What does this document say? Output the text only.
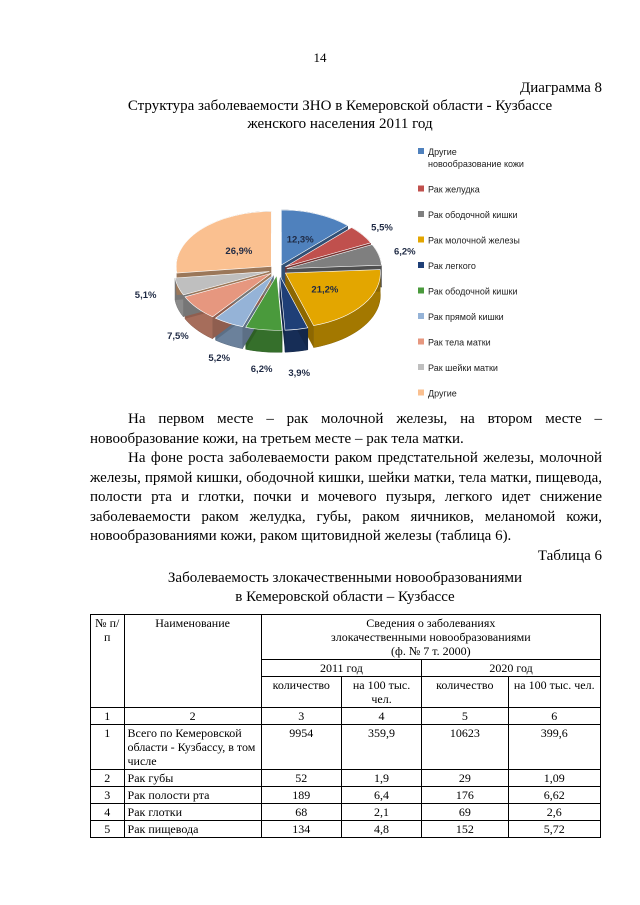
14
Диаграмма 8
Структура заболеваемости ЗНО в Кемеровской области - Кузбассе
женского населения 2011 год
12,3%
5,5%
6,2%
21,2%
3,9%
6,2%
5,2%
7,5%
5,1%
26,9%
Другие
новообразование кожи
Рак желудка
Рак ободочной кишки
Рак молочной железы
Рак легкого
Рак ободочной кишки
Рак прямой кишки
Рак тела матки
Рак шейки матки
Другие
На первом месте – рак молочной железы, на втором месте – новообразование кожи, на третьем месте – рак тела матки.
На фоне роста заболеваемости раком предстательной железы, молочной железы, прямой кишки, ободочной кишки, шейки матки, тела матки, пищевода, полости рта и глотки, почки и мочевого пузыря, легкого идет снижение заболеваемости раком желудка, губы, раком яичников, меланомой кожи, новообразованиями кожи, раком щитовидной железы (таблица 6).
Таблица 6
Заболеваемость злокачественными новообразованиями
в Кемеровской области – Кузбассе
№ п/п	Наименование	Сведения о заболеваниях
злокачественными новообразованиями
(ф. № 7 т. 2000)			

		2011 год		2020 год	
		количество	на 100 тыс. чел.	количество	на 100 тыс. чел.
1	2	3	4	5	6
1	Всего по Кемеровской области - Кузбассу, в том числе	9954	359,9	10623	399,6
2	Рак губы	52	1,9	29	1,09
3	Рак полости рта	189	6,4	176	6,62
4	Рак глотки	68	2,1	69	2,6
5	Рак пищевода	134	4,8	152	5,72
